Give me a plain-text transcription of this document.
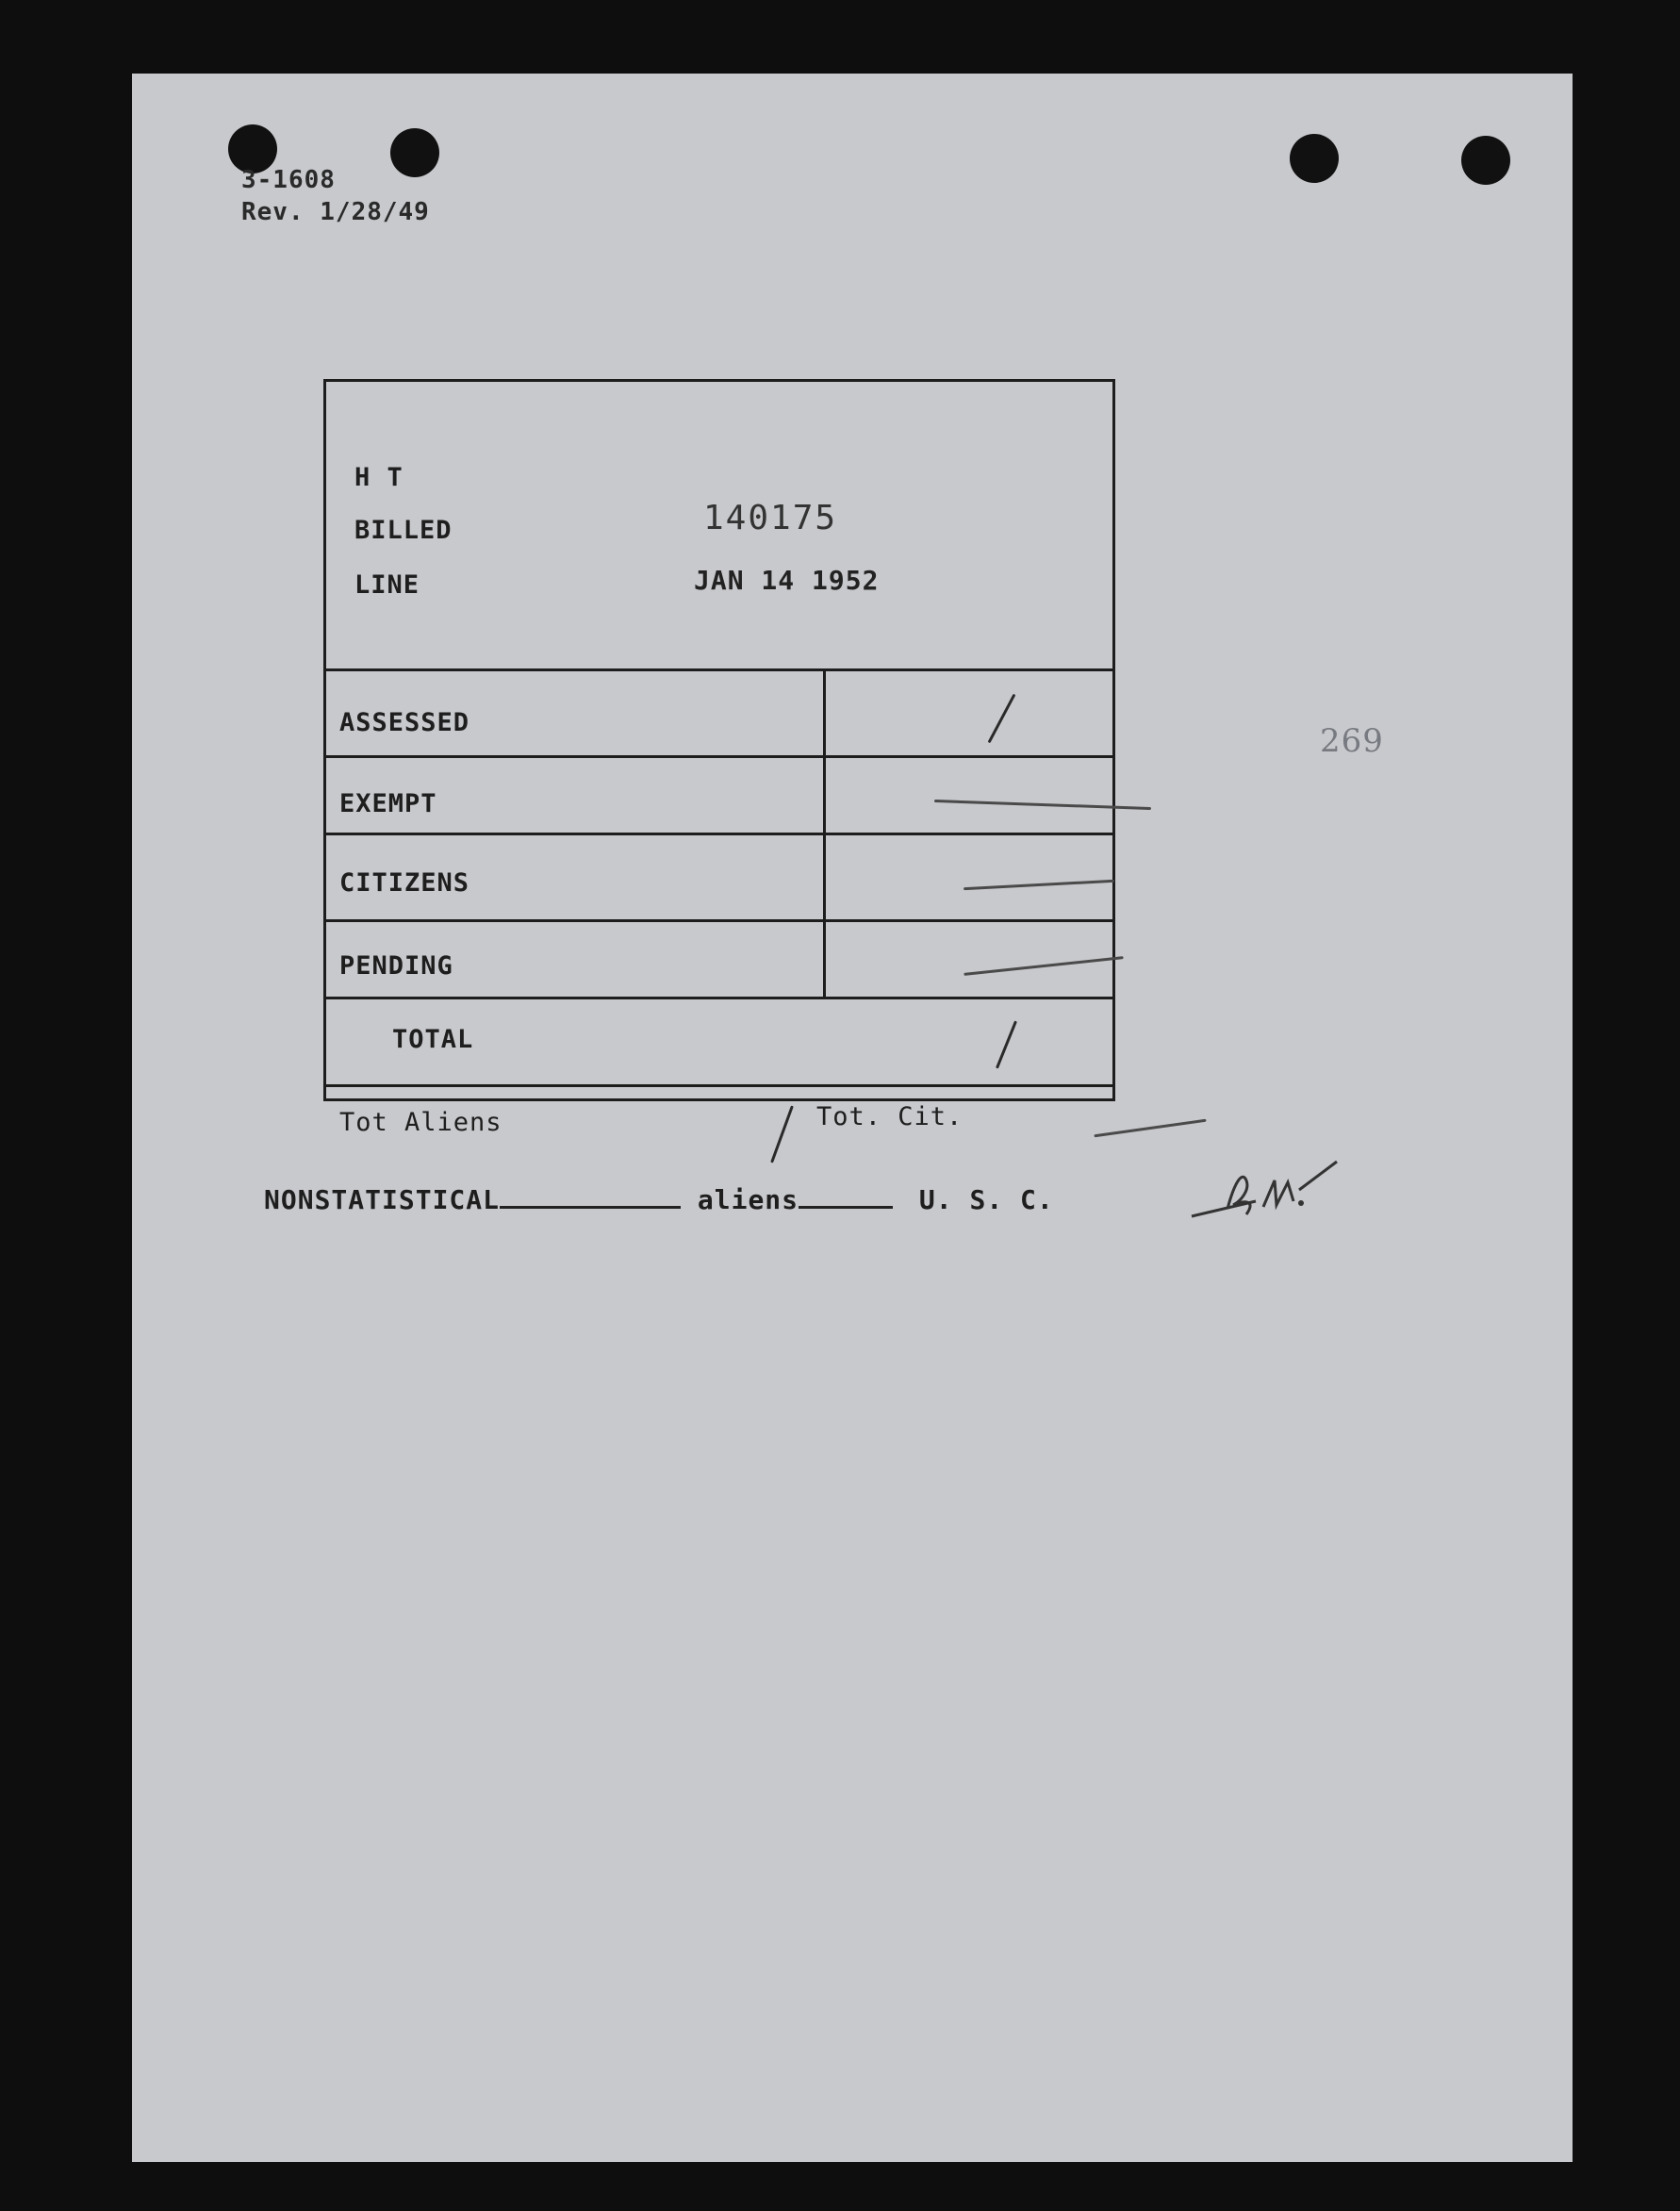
3-1608
Rev. 1/28/49
269
H T
BILLED	140175
LINE	JAN 14 1952
ASSESSED
EXEMPT
CITIZENS
PENDING
TOTAL
Tot Aliens	Tot. Cit.
NONSTATISTICAL	aliens	U. S. C.
